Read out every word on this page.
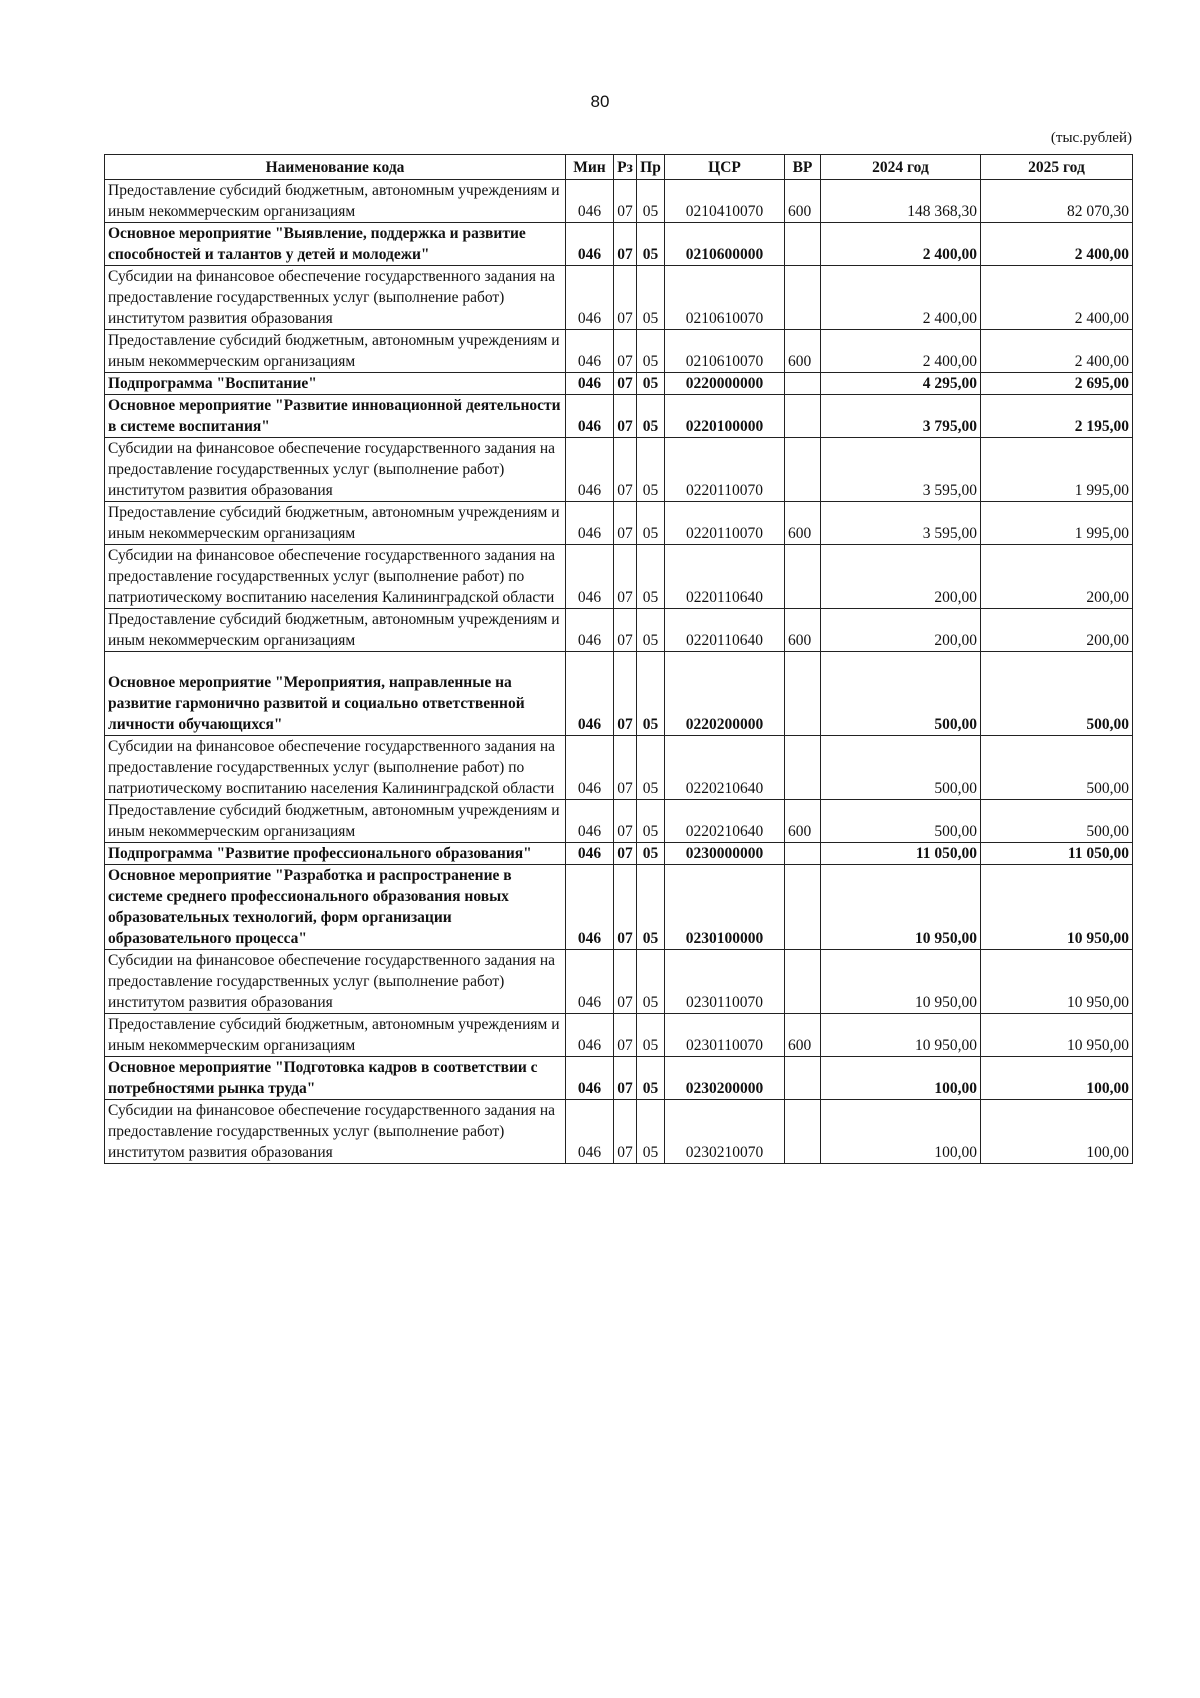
80
(тыс.рублей)
Наименование кода	Мин	Рз	Пр	ЦСР	ВР	2024 год	2025 год
Предоставление субсидий бюджетным, автономным учреждениям и иным некоммерческим организациям	046	07	05	0210410070	600	148 368,30	82 070,30
Основное мероприятие "Выявление, поддержка и развитие способностей и талантов у детей и молодежи"	046	07	05	0210600000		2 400,00	2 400,00
Субсидии на финансовое обеспечение государственного задания на предоставление государственных услуг (выполнение работ) институтом развития образования	046	07	05	0210610070		2 400,00	2 400,00
Предоставление субсидий бюджетным, автономным учреждениям и иным некоммерческим организациям	046	07	05	0210610070	600	2 400,00	2 400,00
Подпрограмма "Воспитание"	046	07	05	0220000000		4 295,00	2 695,00
Основное мероприятие "Развитие инновационной деятельности в системе воспитания"	046	07	05	0220100000		3 795,00	2 195,00
Субсидии на финансовое обеспечение государственного задания на предоставление государственных услуг (выполнение работ) институтом развития образования	046	07	05	0220110070		3 595,00	1 995,00
Предоставление субсидий бюджетным, автономным учреждениям и иным некоммерческим организациям	046	07	05	0220110070	600	3 595,00	1 995,00
Субсидии на финансовое обеспечение государственного задания на предоставление государственных услуг (выполнение работ) по патриотическому воспитанию населения Калининградской области	046	07	05	0220110640		200,00	200,00
Предоставление субсидий бюджетным, автономным учреждениям и иным некоммерческим организациям	046	07	05	0220110640	600	200,00	200,00
Основное мероприятие "Мероприятия, направленные на развитие гармонично развитой и социально ответственной личности обучающихся"	046	07	05	0220200000		500,00	500,00
Субсидии на финансовое обеспечение государственного задания на предоставление государственных услуг (выполнение работ) по патриотическому воспитанию населения Калининградской области	046	07	05	0220210640		500,00	500,00
Предоставление субсидий бюджетным, автономным учреждениям и иным некоммерческим организациям	046	07	05	0220210640	600	500,00	500,00
Подпрограмма "Развитие профессионального образования"	046	07	05	0230000000		11 050,00	11 050,00
Основное мероприятие "Разработка и распространение в системе среднего профессионального образования новых образовательных технологий, форм организации образовательного процесса"	046	07	05	0230100000		10 950,00	10 950,00
Субсидии на финансовое обеспечение государственного задания на предоставление государственных услуг (выполнение работ) институтом развития образования	046	07	05	0230110070		10 950,00	10 950,00
Предоставление субсидий бюджетным, автономным учреждениям и иным некоммерческим организациям	046	07	05	0230110070	600	10 950,00	10 950,00
Основное мероприятие "Подготовка кадров в соответствии с потребностями рынка труда"	046	07	05	0230200000		100,00	100,00
Субсидии на финансовое обеспечение государственного задания на предоставление государственных услуг (выполнение работ) институтом развития образования	046	07	05	0230210070		100,00	100,00
